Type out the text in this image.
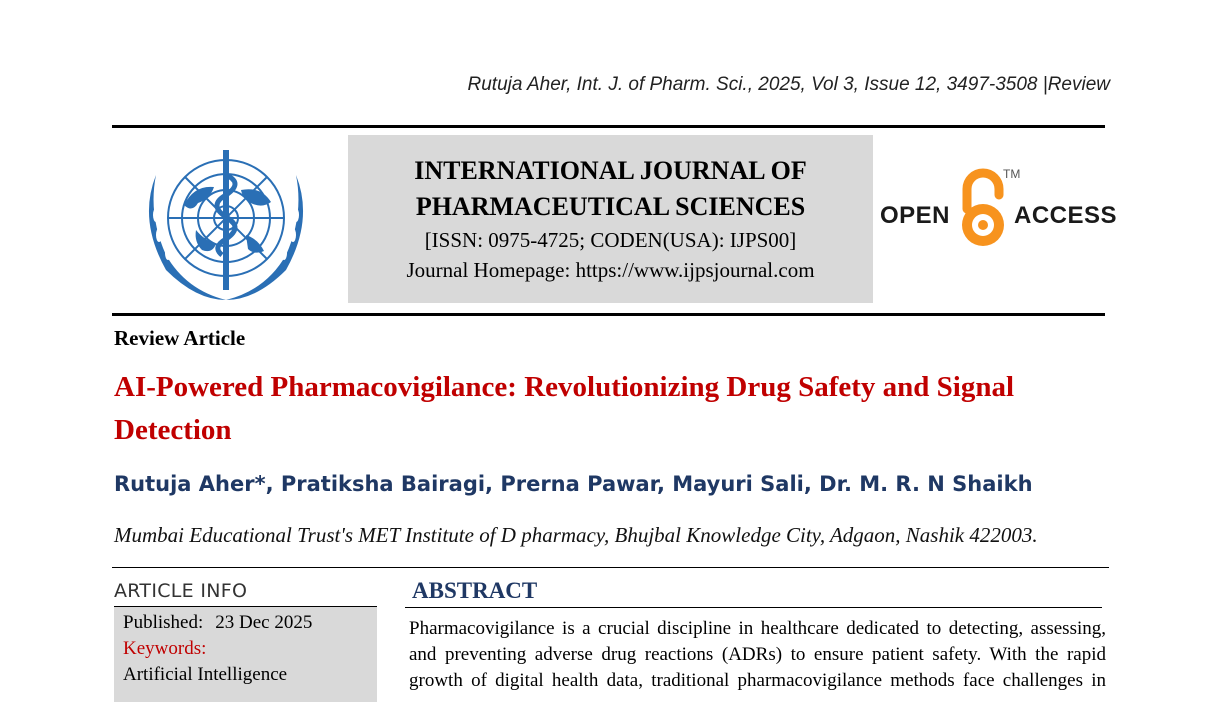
Rutuja Aher, Int. J. of Pharm. Sci., 2025, Vol 3, Issue 12, 3497-3508 |Review
INTERNATIONAL JOURNAL OF
PHARMACEUTICAL SCIENCES
[ISSN: 0975-4725; CODEN(USA): IJPS00]
Journal Homepage: https://www.ijpsjournal.com
OPEN
TM
ACCESS
Review Article
AI-Powered Pharmacovigilance: Revolutionizing Drug Safety and Signal Detection
Rutuja Aher*, Pratiksha Bairagi, Prerna Pawar, Mayuri Sali, Dr. M. R. N Shaikh
Mumbai Educational Trust's MET Institute of D pharmacy, Bhujbal Knowledge City, Adgaon, Nashik 422003.
ARTICLE INFO
Published: 23 Dec 2025
Keywords:
Artificial Intelligence
ABSTRACT
Pharmacovigilance is a crucial discipline in healthcare dedicated to detecting, assessing,
and preventing adverse drug reactions (ADRs) to ensure patient safety. With the rapid
growth of digital health data, traditional pharmacovigilance methods face challenges in
